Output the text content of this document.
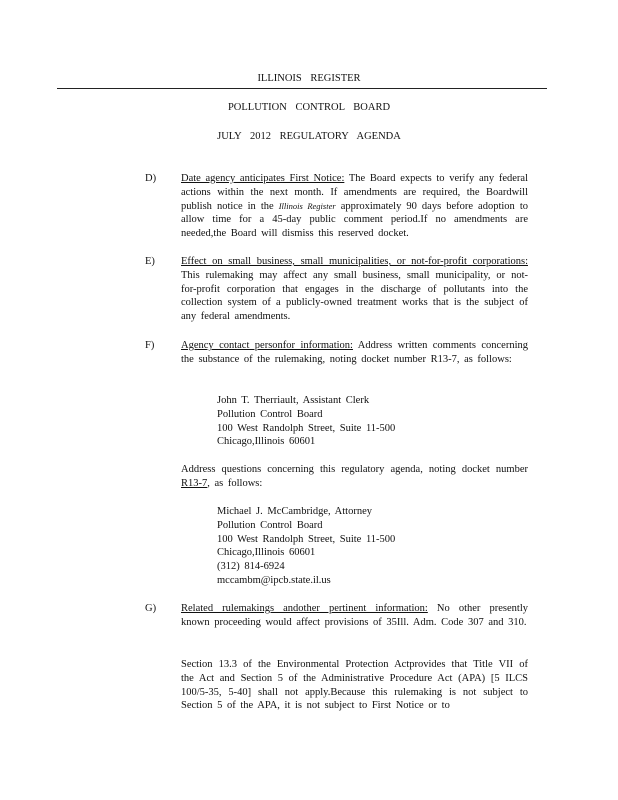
ILLINOIS REGISTER
POLLUTION CONTROL BOARD
JULY 2012 REGULATORY AGENDA
D) Date agency anticipates First Notice: The Board expects to verify any federal actions within the next month. If amendments are required, the Boardwill publish notice in the Illinois Register approximately 90 days before adoption to allow time for a 45-day public comment period.If no amendments are needed,the Board will dismiss this reserved docket.

E) Effect on small business, small municipalities, or not-for-profit corporations: This rulemaking may affect any small business, small municipality, or not-for-profit corporation that engages in the discharge of pollutants into the collection system of a publicly-owned treatment works that is the subject of any federal amendments.

F)	Agency contact personfor information: Address written comments concerning the substance of the rulemaking, noting docket number R13-7, as follows:

John T. Therriault, Assistant Clerk
Pollution Control Board
100 West Randolph Street, Suite 11-500
Chicago,Illinois 60601

Address questions concerning this regulatory agenda, noting docket number R13-7, as follows:

Michael J. McCambridge, Attorney
Pollution Control Board
100 West Randolph Street, Suite 11-500
Chicago,Illinois 60601
(312) 814-6924
mccambm@ipcb.state.il.us
G) Related rulemakings andother pertinent information: No other presently known proceeding would affect provisions of 35Ill. Adm. Code 307 and 310.

Section 13.3 of the Environmental Protection Actprovides that Title VII of the Act and Section 5 of the Administrative Procedure Act (APA) [5 ILCS 100/5-35, 5-40] shall not apply.Because this rulemaking is not subject to Section 5 of the APA, it is not subject to First Notice or to
